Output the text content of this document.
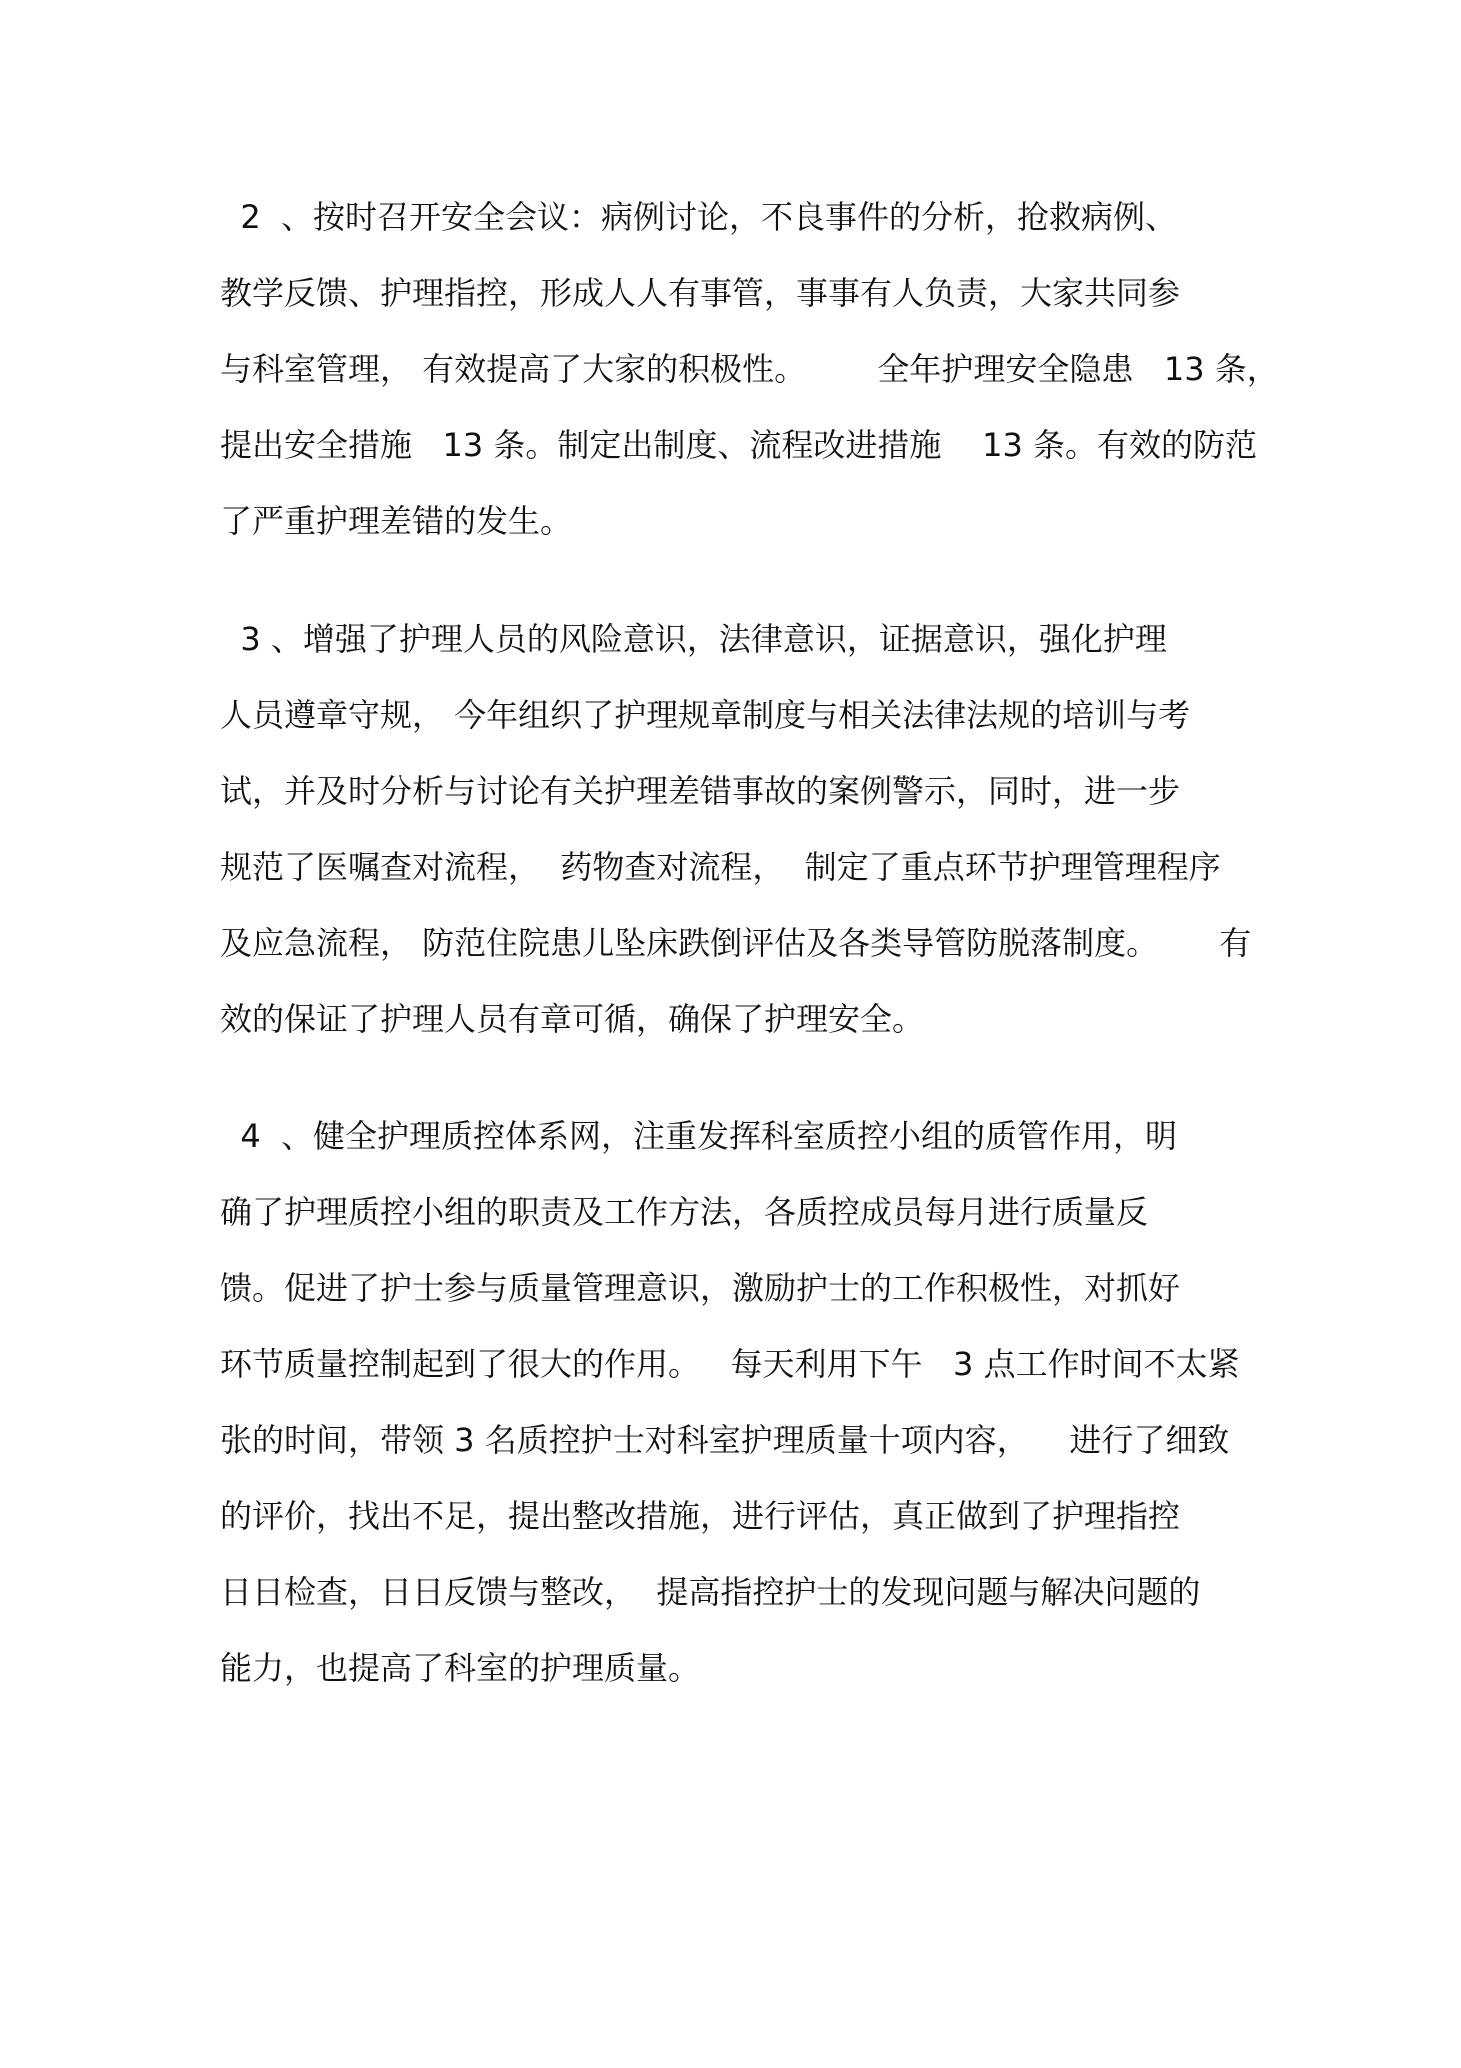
2  、按时召开安全会议：病例讨论，不良事件的分析，抢救病例、
教学反馈、护理指控，形成人人有事管，事事有人负责，大家共同参
与科室管理， 有效提高了大家的积极性。       全年护理安全隐患   13 条，
提出安全措施   13 条。制定出制度、流程改进措施    13 条。有效的防范
了严重护理差错的发生。
3 、增强了护理人员的风险意识，法律意识，证据意识，强化护理
人员遵章守规， 今年组织了护理规章制度与相关法律法规的培训与考
试，并及时分析与讨论有关护理差错事故的案例警示，同时，进一步
规范了医嘱查对流程，  药物查对流程，  制定了重点环节护理管理程序
及应急流程， 防范住院患儿坠床跌倒评估及各类导管防脱落制度。      有
效的保证了护理人员有章可循，确保了护理安全。
4  、健全护理质控体系网，注重发挥科室质控小组的质管作用，明
确了护理质控小组的职责及工作方法，各质控成员每月进行质量反
馈。促进了护士参与质量管理意识，激励护士的工作积极性，对抓好
环节质量控制起到了很大的作用。   每天利用下午   3 点工作时间不太紧
张的时间，带领 3 名质控护士对科室护理质量十项内容，    进行了细致
的评价，找出不足，提出整改措施，进行评估，真正做到了护理指控
日日检查，日日反馈与整改，  提高指控护士的发现问题与解决问题的
能力，也提高了科室的护理质量。
